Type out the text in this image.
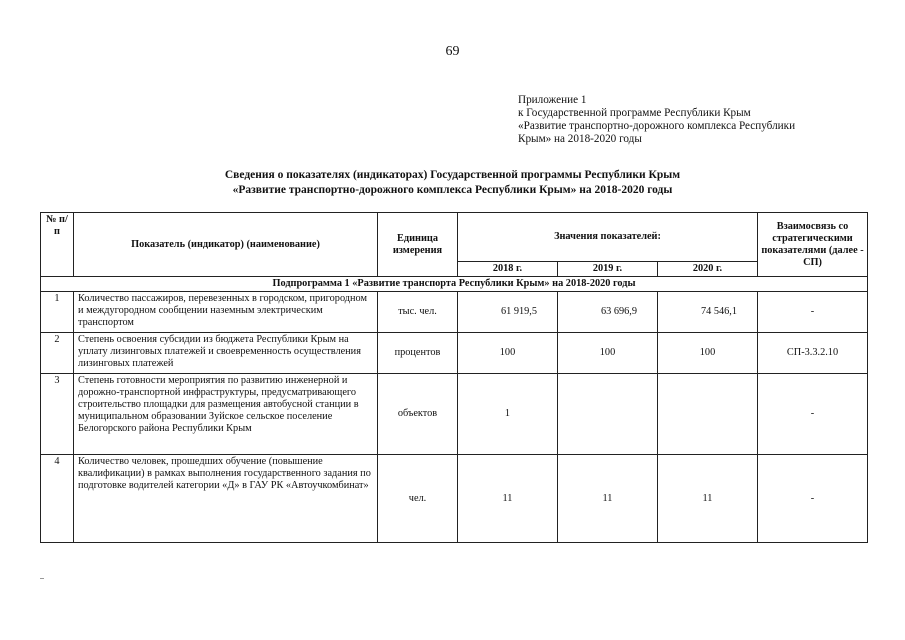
69
Приложение 1
к Государственной программе Республики Крым
«Развитие транспортно-дорожного комплекса Республики
Крым» на 2018-2020 годы
Сведения о показателях (индикаторах) Государственной программы Республики Крым
«Развитие транспортно-дорожного комплекса Республики Крым» на 2018-2020 годы
№ п/п	Показатель (индикатор) (наименование)	Единица измерения	Значения показателей:			Взаимосвязь со стратегическими показателями (далее - СП)
			2018 г.	2019 г.	2020 г.	
Подпрограмма 1 «Развитие транспорта Республики Крым» на 2018-2020 годы						
1	Количество пассажиров, перевезенных в городском, пригородном и междугородном сообщении наземным электрическим транспортом	тыс. чел.	61 919,5	63 696,9	74 546,1	-
2	Степень освоения субсидии из бюджета Республики Крым на уплату лизинговых платежей и своевременность осуществления лизинговых платежей	процентов	100	100	100	СП-3.3.2.10
3	Степень готовности мероприятия по развитию инженерной и дорожно-транспортной инфраструктуры, предусматривающего строительство площадки для размещения автобусной станции в муниципальном образовании Зуйское сельское поселение Белогорского района Республики Крым	объектов	1			-
4	Количество человек, прошедших обучение (повышение квалификации) в рамках выполнения государственного задания по подготовке водителей категории «Д» в ГАУ РК «Автоучкомбинат»	чел.	11	11	11	-
